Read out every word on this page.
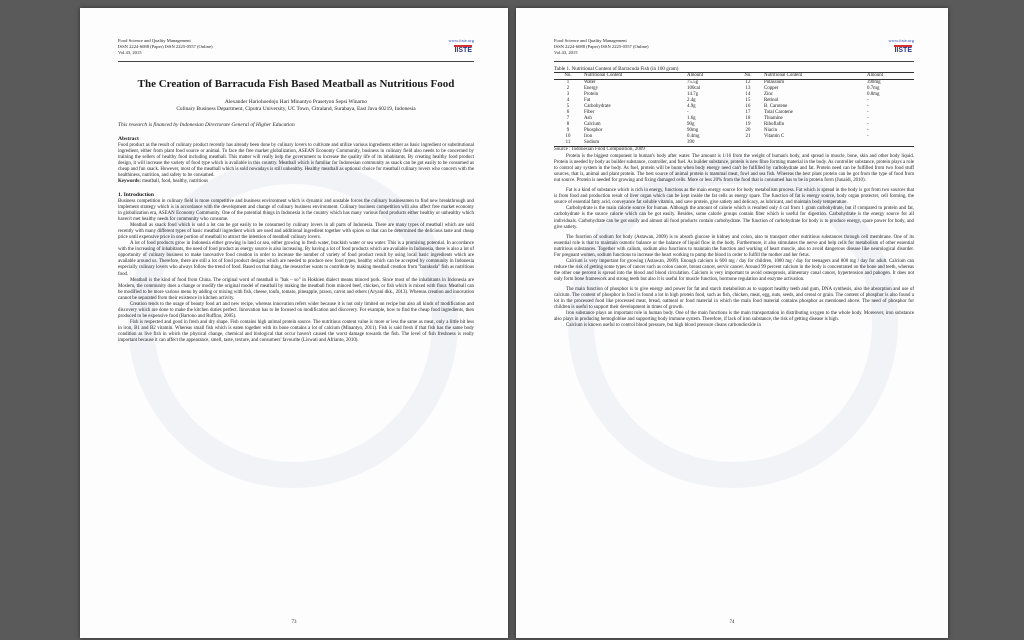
Food Science and Quality Management
ISSN 2224-6088 (Paper) ISSN 2225-0557 (Online)
Vol.43, 2015
www.iiste.org
IISTE
The Creation of Barracuda Fish Based Meatball as Nutritious Food
Alexander Hariohoedojo Hari Minantyo Prasetyon Sepsi Winarno
Culinary Business Department, Ciputra University, UC Town, Citraland, Surabaya, East Java 60219, Indonesia
This research is financed by Indonesian Directorate General of Higher Education
Abstract

Food product as the result of culinary product recently has already been done by culinary lovers to cultivate and utilize various ingredients either as basic ingredient or substitutional ingredient, either from plant food source or animal. To face the free market globalization, ASEAN Economy Community, business in culinary field also needs to be concerned by training the sellers of healthy food including meatball. This matter will really help the government to increase the quality life of its inhabitants. By creating healthy food product design, it will increase the variety of food type which is available in this country. Meatball which is familiar for Indonesian community as snack can be got easily to be consumed as cheap and fun snack. However, most of the meatball which is sold nowadays is still unhealthy. Healthy meatball as optional choice for meatball culinary lovers who concern with the healthiness, nutrition, and safety to be consumed.

Keywords: meatball, food, healthy, nutritious
1. Introduction

Business competition in culinary field is more competitive and business environment which is dynamic and unstable forces the culinary businessmen to find new breakthrough and implement strategy which is in accordance with the development and change of culinary business environment. Culinary business competition will also affect free market economy in globalization era, ASEAN Economy Community. One of the potential things in Indonesia is the country which has many various food products either healthy or unhealthy which haven't met healthy needs for community who consume.

Meatball as snack food which is sold a lot can be got easily to be consumed by culinary lovers in all parts of Indonesia. There are many types of meatball which are sold recently with many different types of basic meatball ingredient which are used and additional ingredient together with spices so that can be determined the delicious taste and cheap price until expensive price in one portion of meatball to attract the intention of meatball culinary lovers.

A lot of food products grow in Indonesia either growing in land or sea, either growing in fresh water, brackish water or sea water. This is a promising potential. In accordance with the increasing of inhabitants, the need of food product as energy source is also increasing. By having a lot of food products which are available in Indonesia, there is also a lot of opportunity of culinary business to make innovative food creation in order to increase the number of variety of food product result by using local basic ingredients which are available around us. Therefore, there are still a lot of food product designs which are needed to produce new food types, healthy which can be accepted by community in Indonesia especially culinary lovers who always follow the trend of food. Based on that thing, the researcher wants to contribute by making meatball creation from "barakuda" fish as nutritious food.

Meatball is the kind of food from China. The original word of meatball is "bak – so" in Hokkien dialect means minced pork. Since most of the inhabitants in Indonesia are Moslem, the community does a change or modify the original model of meatball by making the meatball from minced beef, chicken, or fish which is mixed with flour. Meatball can be modified to be more various menu by adding or mixing with fish, cheese, toufu, tomato, pineapple, prawn, carrot and others (Aryani dkk., 2013). Whereas creation and innovation cannot be separated from their existence in kitchen activity.

Creation tends to the usage of beauty food art and new recipe, whereas innovation refers wider because it is not only limited on recipe but also all kinds of modification and discovery which are done to make the kitchen duties perfect. Innovation has to be focused on modification and discovery. For example, how to find the cheap food ingredients, then produced to be expensive food (Bartono and Ruffino, 2005).

Fish is respected and good in fresh and dry shape. Fish contains high animal protein source. The nutritious content value is more or less the same as meat, only a little bit less in iron, B1 and B2 vitamin. Whereas small fish which is eaten together with its bone contains a lot of calcium (Minantyo, 2011). Fish is said fresh if that fish has the same body condition as live fish in which the physical change, chemical and biological that occur haven't caused the worst damage towards the fish. The level of fish freshness is really important because it can affect the appearance, smell, taste, texture, and consumers' favourite (Liswati and Afrianto, 2010).

73
Food Science and Quality Management
ISSN 2224-6088 (Paper) ISSN 2225-0557 (Online)
Vol.43, 2015
www.iiste.org
IISTE
Table 1. Nutritional Content of Barracuda Fish (in 100 gram)
No.	Nutritional Content	Amount	No.	Nutritional Content	Amount
1	Water	75.5g	12	Potassium	390mg
2	Energy	100cal	13	Copper	0.7mg
3	Protein	14.7g	14	Zinc	0.8mg
4	Fat	2.4g	15	Retinol	-
5	Carbohydrate	4.9g	16	B. Carotene	-
6	Fiber	-	17	Total Carotene	-
7	Ash	1.6g	18	Thiamine	-
8	Calcium	90g	19	Riboflafin	-
9	Phosphor	90mg	20	Niacin	-
10	Iron	0.4mg	21	Vitamin C	-
11	Sodium	390			
Source : Indonesian Food Composition, 2009

Protein is the biggest component in human's body after water. The amount is 1/16 from the weight of human's body, and spread in muscle, bone, skin and other body liquid. Protein is needed by body as builder substance, controller, and fuel. As builder substance, protein is new fibre forming material in the body. As controller substance, protein plays a role to control any system in the body. As fuel, protein will be burnt when body energy need can't be fulfilled by carbohydrate and fat. Protein need can be fulfilled from two food stuff sources, that is, animal and plant protein. The best source of animal protein is mammal meat, fowl and sea fish. Whereas the best plant protein can be got from the type of food from nut source. Protein is needed for growing and fixing damaged cells. More or less 20% from the food that is consumed has to be in protein form (Junaidi, 2010).

Fat is a kind of substance which is rich in energy, functions as the main energy source for body metabolism process. Fat which is spread in the body is got from two sources that is from food and production result of liver organ which can be kept inside the fat cells as energy spare. The function of fat is energy source, body organ protecter, cell forming, the source of essential fatty acid, conveyance fat soluble vitamin, and save protein, give satiety and delicacy, as lubricant, and maintain body temperature.

Carbohydrate is the main calorie source for human. Although the amount of calorie which is resulted only 4 cal from 1 gram carbohydrate, but if compared to protein and fat, carbohydrate is the source calorie which can be got easily. Besides, some calorie groups contain fiber which is useful for digestion. Carbohydrate is the energy source for all individuals. Carbohydrate can be got easily and almost all food products contain carbohydrate. The function of carbohydrate for body is to produce energy, spare power for body, and give satiety.

The function of sodium for body (Astawan, 2009) is to absorb glucose in kidney and colon, also to transport other nutritious substances through cell membrane. One of its essential role is that to maintain osmotic balance or the balance of liquid flow in the body. Furthermore, it also stimulates the nerve and help cells for metabolism of other essential nutritious substances. Together with calium, sodium also functions to maintain the function and working of heart muscle, also to avoid dangerous disease like neurological disorder. For pregnant women, sodium functions to increase the heart working to pump the blood in order to fulfill the mother and her fetus.

Calcium is very important for growing (Astawan, 2009). Enough calcium is 600 mg / day for children, 1000 mg / day for teenagers and 800 mg / day for adult. Calcium can reduce the risk of getting some types of cancer such as colon cancer, breast cancer, servic cancer. Around 99 percent calcium in the body is concentrated on the bone and teeth, whereas the other one percent is spread into the blood and blood circulation. Calcium is very important to avoid osteoprosis, alimentary canal cancer, hypertension and pahogen. It does not only form bone framework and strong teeth but also it is useful for muscle function, hormone regulation and enzyme activation.

The main function of phosphor is to give energy and power for fat and starch metabolism as to support healthy teeth and gum, DNA synthesis, also the absorption and use of calcium. The content of phosphor in food is found a lot in high protein food, such as fish, chicken, meat, egg, nuts, seeds, and cereal or grain. The content of phosphor is also found a lot in the processed food like processed meat, bread, oatmeal or food material in which the main food material contains phosphor as mentioned above. The need of phosphor for children is useful to support their development in times of growth.

Iron substance plays an important role in human body. One of the main functions is the main transportation in distributing oxygen to the whole body. Moreover, iron substance also plays in producing hemoglobine and supporting body immune system. Therefore, if lack of iron substance, the risk of getting disease is high.

Calcium is known useful to control blood pressure, but high blood pressure cleans carbondioxide in

74
